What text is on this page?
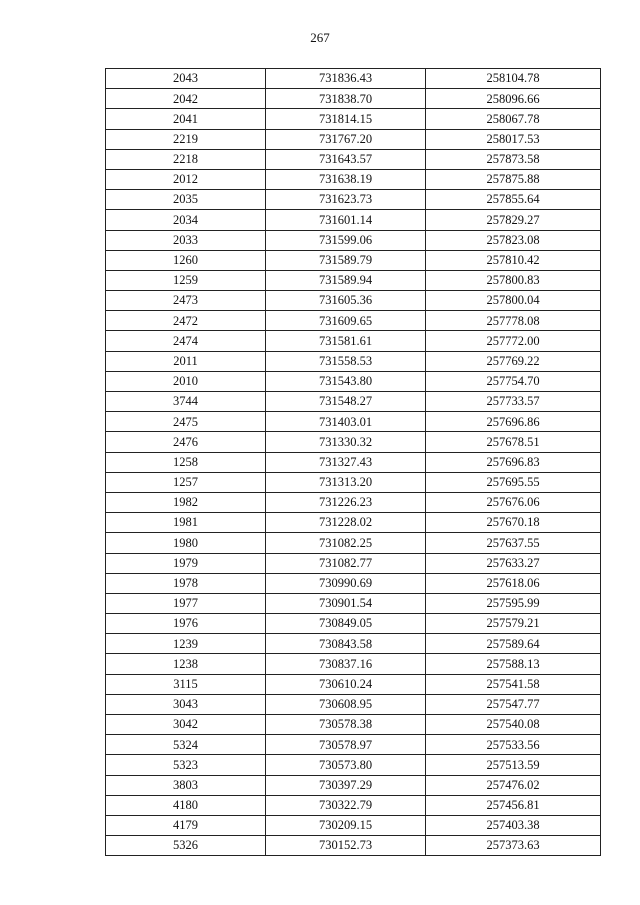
267
2043	731836.43	258104.78
2042	731838.70	258096.66
2041	731814.15	258067.78
2219	731767.20	258017.53
2218	731643.57	257873.58
2012	731638.19	257875.88
2035	731623.73	257855.64
2034	731601.14	257829.27
2033	731599.06	257823.08
1260	731589.79	257810.42
1259	731589.94	257800.83
2473	731605.36	257800.04
2472	731609.65	257778.08
2474	731581.61	257772.00
2011	731558.53	257769.22
2010	731543.80	257754.70
3744	731548.27	257733.57
2475	731403.01	257696.86
2476	731330.32	257678.51
1258	731327.43	257696.83
1257	731313.20	257695.55
1982	731226.23	257676.06
1981	731228.02	257670.18
1980	731082.25	257637.55
1979	731082.77	257633.27
1978	730990.69	257618.06
1977	730901.54	257595.99
1976	730849.05	257579.21
1239	730843.58	257589.64
1238	730837.16	257588.13
3115	730610.24	257541.58
3043	730608.95	257547.77
3042	730578.38	257540.08
5324	730578.97	257533.56
5323	730573.80	257513.59
3803	730397.29	257476.02
4180	730322.79	257456.81
4179	730209.15	257403.38
5326	730152.73	257373.63
